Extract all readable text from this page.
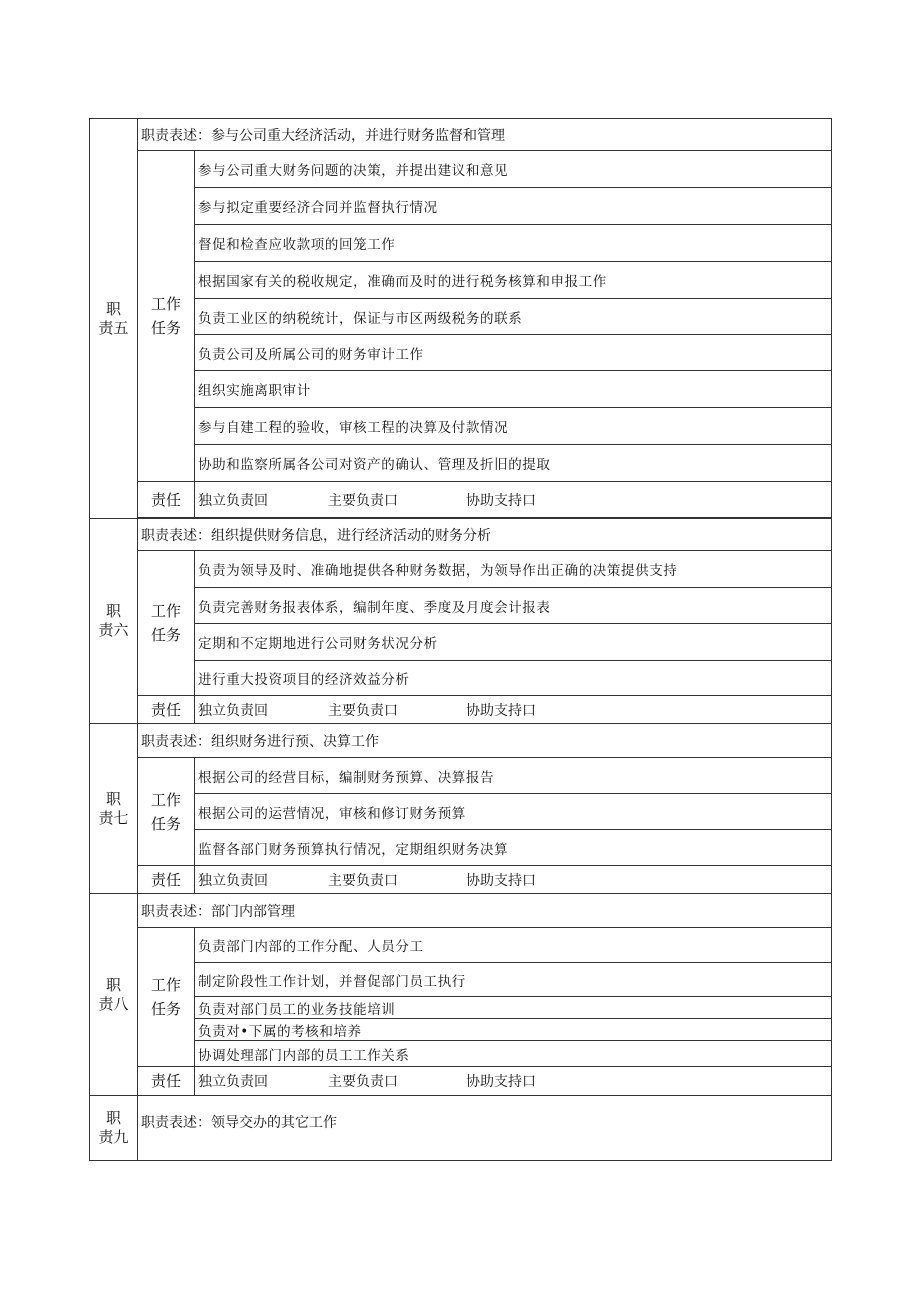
职
责五	职责表述：参与公司重大经济活动，并进行财务监督和管理	

	工作
任务	参与公司重大财务问题的决策，并提出建议和意见
		参与拟定重要经济合同并监督执行情况
		督促和检查应收款项的回笼工作
		根据国家有关的税收规定，准确而及时的进行税务核算和申报工作
		负责工业区的纳税统计，保证与市区两级税务的联系
		负责公司及所属公司的财务审计工作
		组织实施离职审计
		参与自建工程的验收，审核工程的决算及付款情况
		协助和监察所属各公司对资产的确认、管理及折旧的提取
	责任	独立负责回 主要负责口 协助支持口

职
责六	职责表述：组织提供财务信息，进行经济活动的财务分析	

	工作
任务	负责为领导及时、准确地提供各种财务数据，为领导作出正确的决策提供支持
		负责完善财务报表体系，编制年度、季度及月度会计报表
		定期和不定期地进行公司财务状况分析
		进行重大投资项目的经济效益分析
	责任	独立负责回 主要负责口 协助支持口

职
责七	职责表述：组织财务进行预、决算工作	

	工作
任务	根据公司的经营目标，编制财务预算、决算报告
		根据公司的运营情况，审核和修订财务预算
		监督各部门财务预算执行情况，定期组织财务决算
	责任	独立负责回 主要负责口 协助支持口

职
责八	职责表述：部门内部管理	

	工作
任务	负责部门内部的工作分配、人员分工
		制定阶段性工作计划，并督促部门员工执行
		负责对部门员工的业务技能培训
		负责对•下属的考核和培养
		协调处理部门内部的员工工作关系
	责任	独立负责回 主要负责口 协助支持口

职
责九	职责表述：领导交办的其它工作	
